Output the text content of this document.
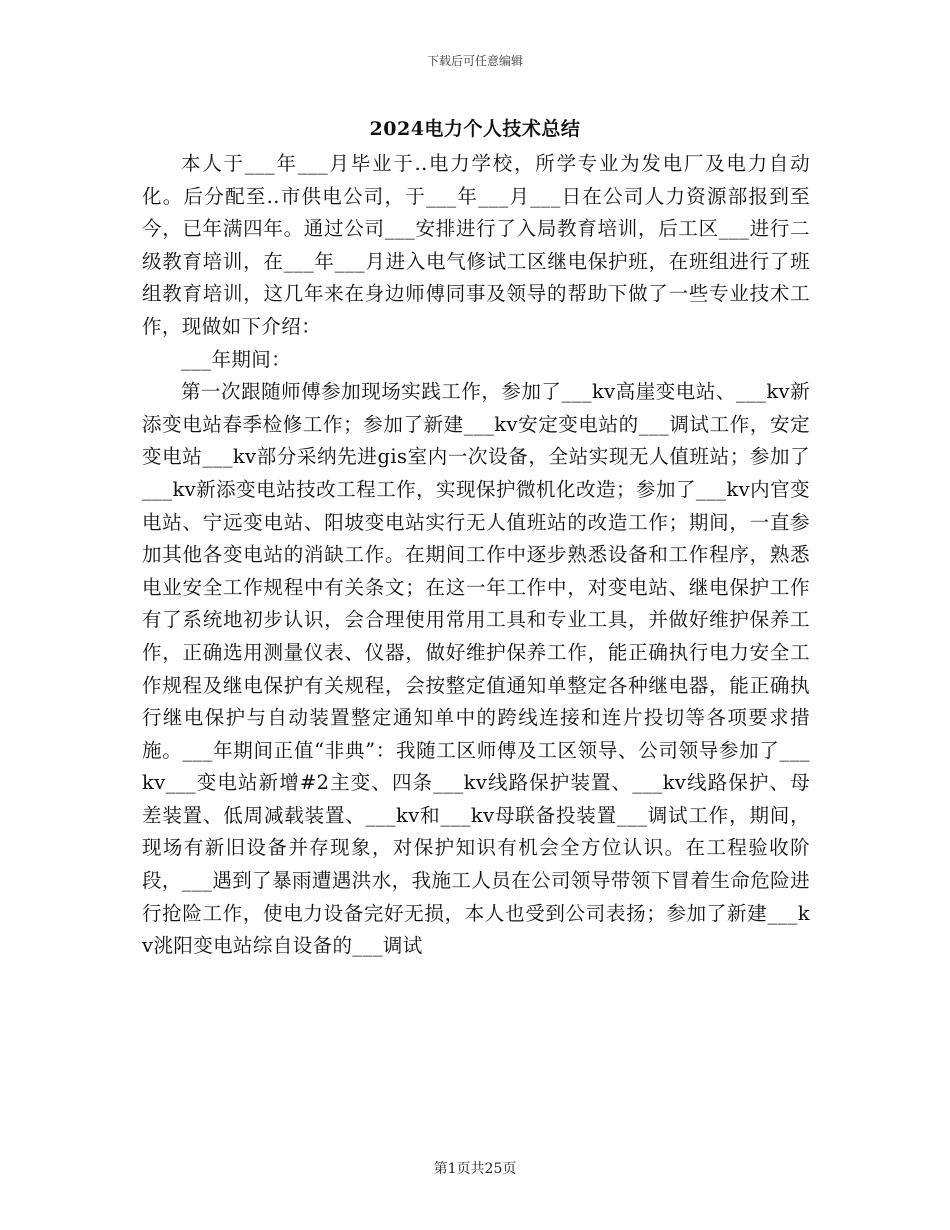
下载后可任意编辑
2024电力个人技术总结

本人于___年___月毕业于..电力学校，所学专业为发电厂及电力自动化。后分配至..市供电公司，于___年___月___日在公司人力资源部报到至今，已年满四年。通过公司___安排进行了入局教育培训，后工区___进行二级教育培训，在___年___月进入电气修试工区继电保护班，在班组进行了班组教育培训，这几年来在身边师傅同事及领导的帮助下做了一些专业技术工作，现做如下介绍：

___年期间：

第一次跟随师傅参加现场实践工作，参加了___kv高崖变电站、___kv新添变电站春季检修工作；参加了新建___kv安定变电站的___调试工作，安定变电站___kv部分采纳先进gis室内一次设备，全站实现无人值班站；参加了___kv新添变电站技改工程工作，实现保护微机化改造；参加了___kv内官变电站、宁远变电站、阳坡变电站实行无人值班站的改造工作；期间，一直参加其他各变电站的消缺工作。在期间工作中逐步熟悉设备和工作程序，熟悉电业安全工作规程中有关条文；在这一年工作中，对变电站、继电保护工作有了系统地初步认识，会合理使用常用工具和专业工具，并做好维护保养工作，正确选用测量仪表、仪器，做好维护保养工作，能正确执行电力安全工作规程及继电保护有关规程，会按整定值通知单整定各种继电器，能正确执行继电保护与自动装置整定通知单中的跨线连接和连片投切等各项要求措施。___年期间正值“非典”：我随工区师傅及工区领导、公司领导参加了___kv___变电站新增#2主变、四条___kv线路保护装置、___kv线路保护、母差装置、低周减载装置、___kv和___kv母联备投装置___调试工作，期间，现场有新旧设备并存现象，对保护知识有机会全方位认识。在工程验收阶段，___遇到了暴雨遭遇洪水，我施工人员在公司领导带领下冒着生命危险进行抢险工作，使电力设备完好无损，本人也受到公司表扬；参加了新建___kv洮阳变电站综自设备的___调试

第1页共25页
